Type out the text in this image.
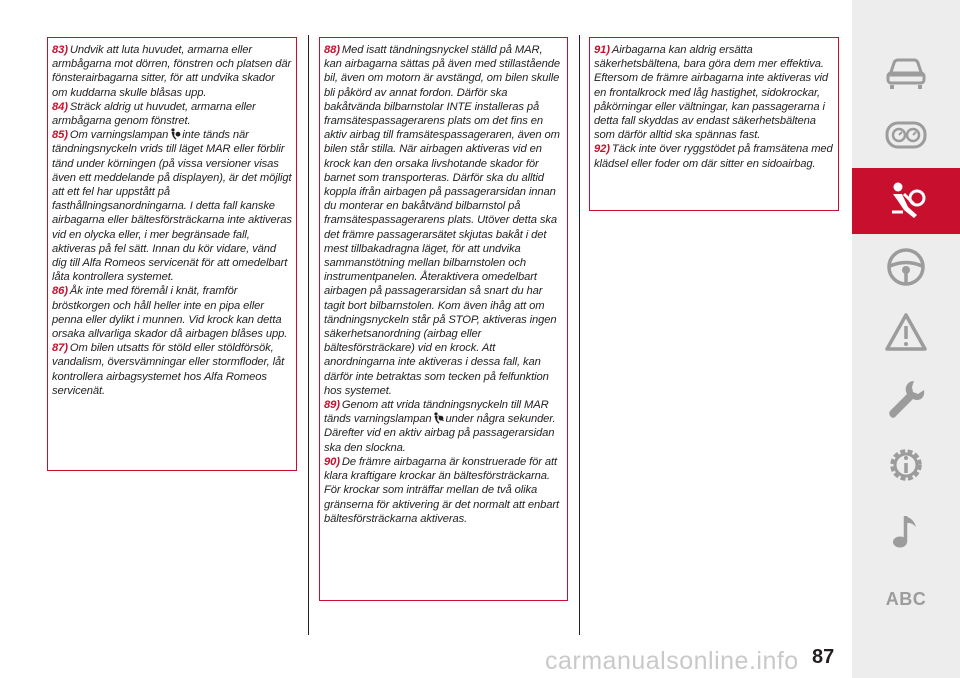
83) Undvik att luta huvudet, armarna eller armbågarna mot dörren, fönstren och platsen där fönsterairbagarna sitter, för att undvika skador om kuddarna skulle blåsas upp.

84) Sträck aldrig ut huvudet, armarna eller armbågarna genom fönstret.

85) Om varningslampan inte tänds när tändningsnyckeln vrids till läget MAR eller förblir tänd under körningen (på vissa versioner visas även ett meddelande på displayen), är det möjligt att ett fel har uppstått på fasthållningsanordningarna. I detta fall kanske airbagarna eller bältesförsträckarna inte aktiveras vid en olycka eller, i mer begränsade fall, aktiveras på fel sätt. Innan du kör vidare, vänd dig till Alfa Romeos servicenät för att omedelbart låta kontrollera systemet.

86) Åk inte med föremål i knät, framför bröstkorgen och håll heller inte en pipa eller penna eller dylikt i munnen. Vid krock kan detta orsaka allvarliga skador då airbagen blåses upp.

87) Om bilen utsatts för stöld eller stöldförsök, vandalism, översvämningar eller stormfloder, låt kontrollera airbagsystemet hos Alfa Romeos servicenät.

88) Med isatt tändningsnyckel ställd på MAR, kan airbagarna sättas på även med stillastående bil, även om motorn är avstängd, om bilen skulle bli påkörd av annat fordon. Därför ska bakåtvända bilbarnstolar INTE installeras på framsätespassagerarens plats om det fins en aktiv airbag till framsätespassageraren, även om bilen står stilla. När airbagen aktiveras vid en krock kan den orsaka livshotande skador för barnet som transporteras. Därför ska du alltid koppla ifrån airbagen på passagerarsidan innan du monterar en bakåtvänd bilbarnstol på framsätespassagerarens plats. Utöver detta ska det främre passagerarsätet skjutas bakåt i det mest tillbakadragna läget, för att undvika sammanstötning mellan bilbarnstolen och instrumentpanelen. Återaktivera omedelbart airbagen på passagerarsidan så snart du har tagit bort bilbarnstolen. Kom även ihåg att om tändningsnyckeln står på STOP, aktiveras ingen säkerhetsanordning (airbag eller bältesförsträckare) vid en krock. Att anordningarna inte aktiveras i dessa fall, kan därför inte betraktas som tecken på felfunktion hos systemet.

89) Genom att vrida tändningsnyckeln till MAR tänds varningslampan under några sekunder. Därefter vid en aktiv airbag på passagerarsidan ska den slockna.

90) De främre airbagarna är konstruerade för att klara kraftigare krockar än bältesförsträckarna. För krockar som inträffar mellan de två olika gränserna för aktivering är det normalt att enbart bältesförsträckarna aktiveras.

91) Airbagarna kan aldrig ersätta säkerhetsbältena, bara göra dem mer effektiva. Eftersom de främre airbagarna inte aktiveras vid en frontalkrock med låg hastighet, sidokrockar, påkörningar eller vältningar, kan passagerarna i detta fall skyddas av endast säkerhetsbältena som därför alltid ska spännas fast.

92) Täck inte över ryggstödet på framsätena med klädsel eller foder om där sitter en sidoairbag.

ABC
carmanualsonline.info 87
